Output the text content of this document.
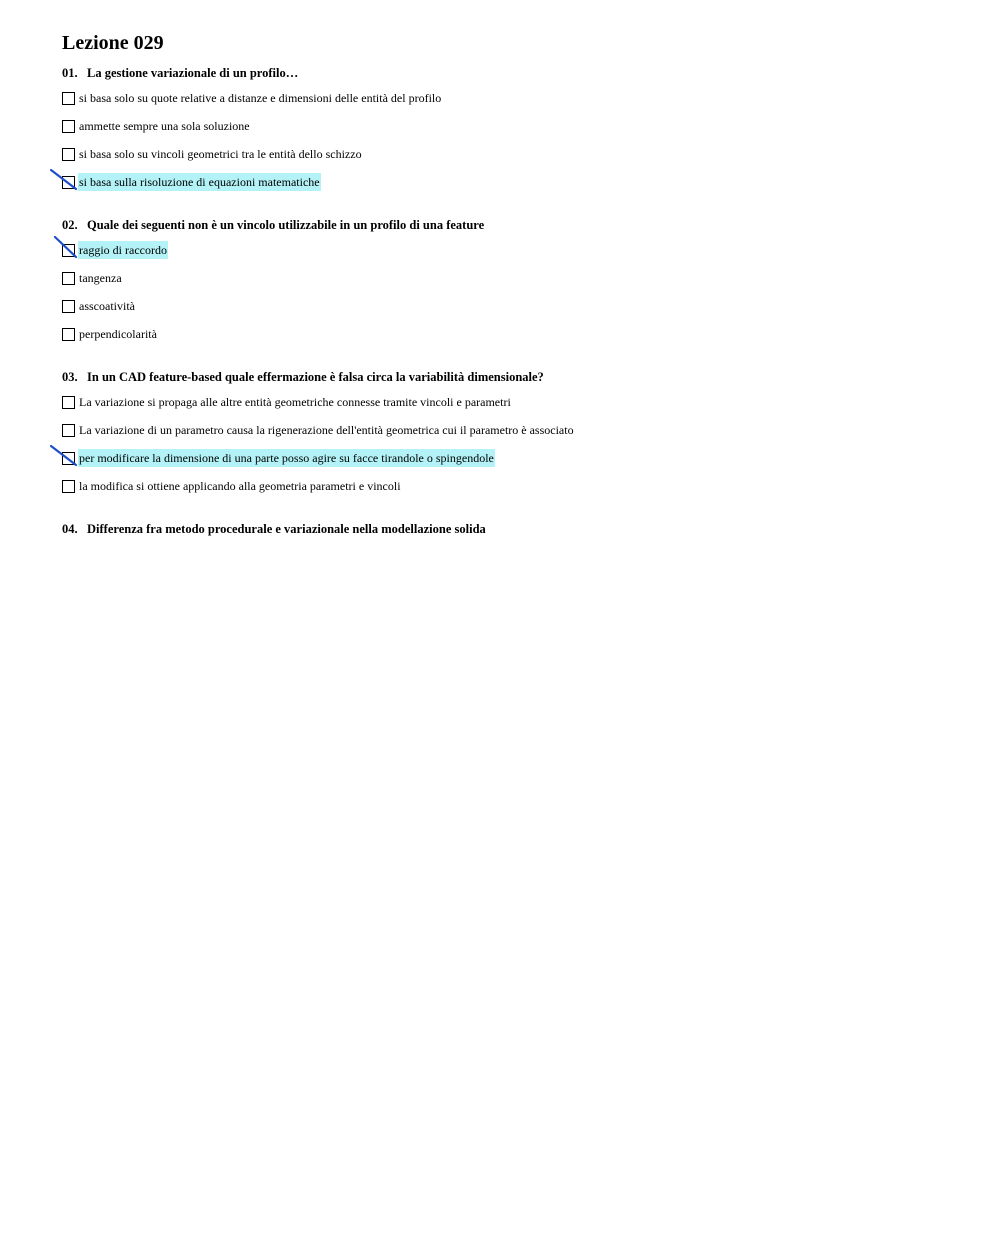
Lezione 029
01. La gestione variazionale di un profilo…
si basa solo su quote relative a distanze e dimensioni delle entità del profilo
ammette sempre una sola soluzione
si basa solo su vincoli geometrici tra le entità dello schizzo
si basa sulla risoluzione di equazioni matematiche
02. Quale dei seguenti non è un vincolo utilizzabile in un profilo di una feature
raggio di raccordo
tangenza
asscoatività
perpendicolarità
03. In un CAD feature-based quale effermazione è falsa circa la variabilità dimensionale?
La variazione si propaga alle altre entità geometriche connesse tramite vincoli e parametri
La variazione di un parametro causa la rigenerazione dell'entità geometrica cui il parametro è associato
per modificare la dimensione di una parte posso agire su facce tirandole o spingendole
la modifica si ottiene applicando alla geometria parametri e vincoli
04. Differenza fra metodo procedurale e variazionale nella modellazione solida
